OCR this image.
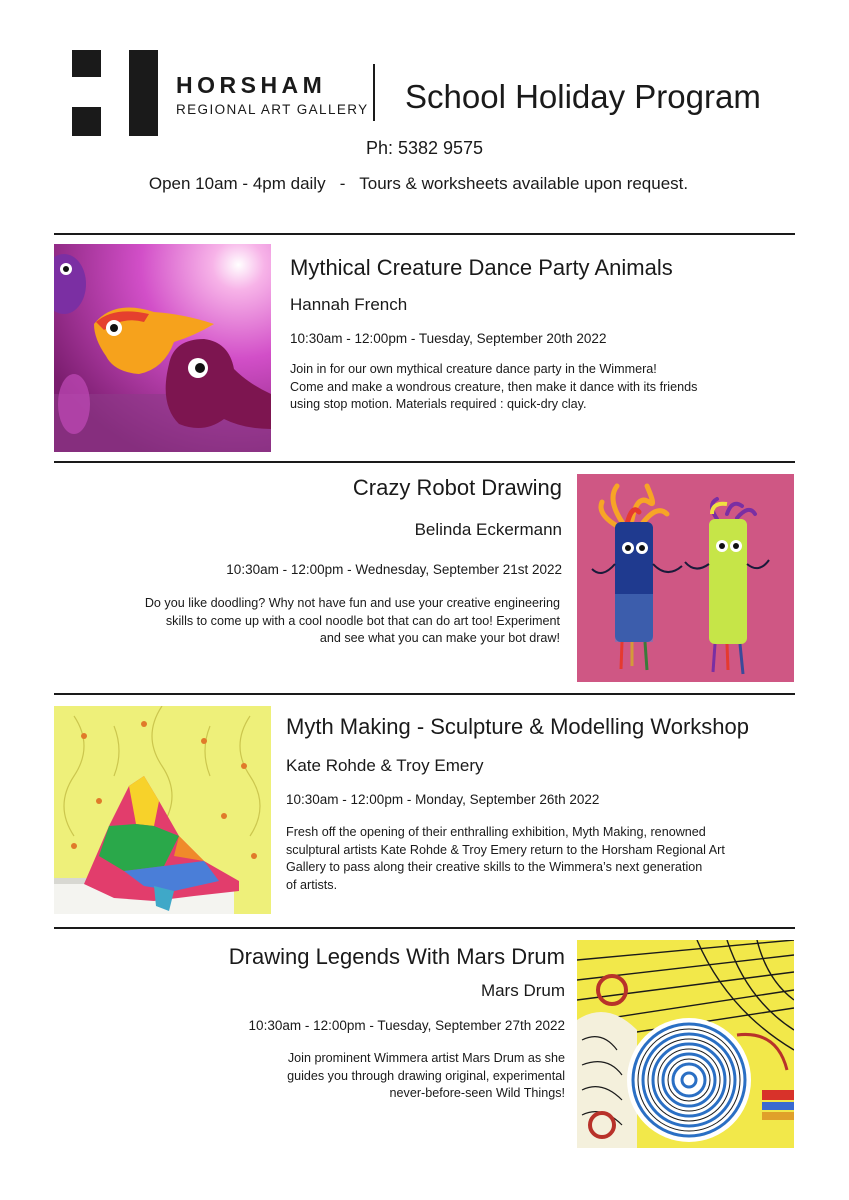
HORSHAM
REGIONAL ART GALLERY School Holiday Program
Ph: 5382 9575
Open 10am - 4pm daily   -   Tours & worksheets available upon request.
Mythical Creature Dance Party Animals
Hannah French
10:30am - 12:00pm - Tuesday, September 20th 2022
Join in for our own mythical creature dance party in the Wimmera!
Come and make a wondrous creature, then make it dance with its friends
using stop motion. Materials required : quick-dry clay.
Crazy Robot Drawing
Belinda Eckermann
10:30am - 12:00pm - Wednesday, September 21st 2022
Do you like doodling? Why not have fun and use your creative engineering
skills to come up with a cool noodle bot that can do art too! Experiment
and see what you can make your bot draw!
Myth Making - Sculpture & Modelling Workshop
Kate Rohde & Troy Emery
10:30am - 12:00pm - Monday, September 26th 2022
Fresh off the opening of their enthralling exhibition, Myth Making, renowned
sculptural artists Kate Rohde & Troy Emery return to the Horsham Regional Art
Gallery to pass along their creative skills to the Wimmera’s next generation
of artists.
Drawing Legends With Mars Drum
Mars Drum
10:30am - 12:00pm - Tuesday, September 27th 2022
Join prominent Wimmera artist Mars Drum as she
guides you through drawing original, experimental
never-before-seen Wild Things!
